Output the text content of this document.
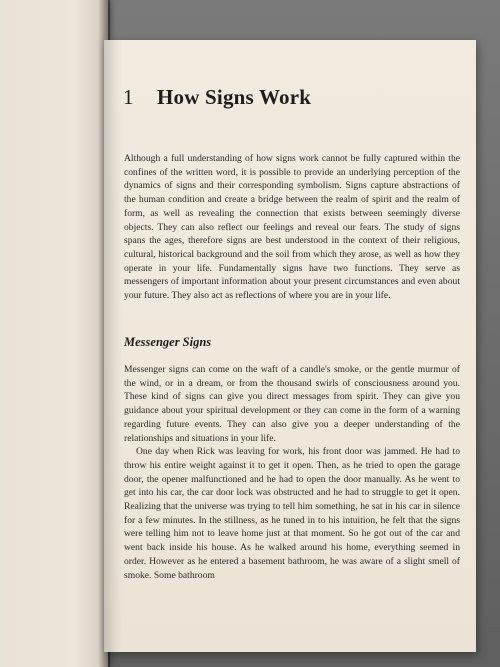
1 How Signs Work

Although a full understanding of how signs work cannot be fully captured within the confines of the written word, it is possible to provide an underlying perception of the dynamics of signs and their corresponding symbolism. Signs capture abstractions of the human condition and create a bridge between the realm of spirit and the realm of form, as well as revealing the connection that exists between seemingly diverse objects. They can also reflect our feelings and reveal our fears. The study of signs spans the ages, therefore signs are best understood in the context of their religious, cultural, historical background and the soil from which they arose, as well as how they operate in your life. Fundamentally signs have two functions. They serve as messengers of important information about your present circumstances and even about your future. They also act as reflections of where you are in your life.

Messenger Signs

Messenger signs can come on the waft of a candle's smoke, or the gentle murmur of the wind, or in a dream, or from the thousand swirls of consciousness around you. These kind of signs can give you direct messages from spirit. They can give you guidance about your spiritual development or they can come in the form of a warning regarding future events. They can also give you a deeper understanding of the relationships and situations in your life.

One day when Rick was leaving for work, his front door was jammed. He had to throw his entire weight against it to get it open. Then, as he tried to open the garage door, the opener malfunctioned and he had to open the door manually. As he went to get into his car, the car door lock was obstructed and he had to struggle to get it open. Realizing that the universe was trying to tell him something, he sat in his car in silence for a few minutes. In the stillness, as he tuned in to his intuition, he felt that the signs were telling him not to leave home just at that moment. So he got out of the car and went back inside his house. As he walked around his home, everything seemed in order. However as he entered a basement bathroom, he was aware of a slight smell of smoke. Some bathroom
